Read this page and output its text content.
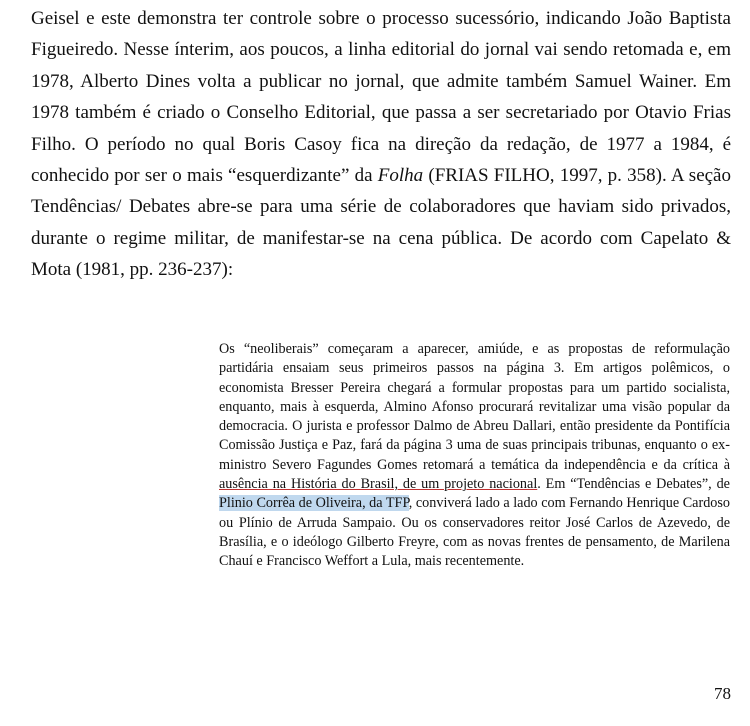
Geisel e este demonstra ter controle sobre o processo sucessório, indicando João Baptista Figueiredo. Nesse ínterim, aos poucos, a linha editorial do jornal vai sendo retomada e, em 1978, Alberto Dines volta a publicar no jornal, que admite também Samuel Wainer. Em 1978 também é criado o Conselho Editorial, que passa a ser secretariado por Otavio Frias Filho. O período no qual Boris Casoy fica na direção da redação, de 1977 a 1984, é conhecido por ser o mais “esquerdizante” da Folha (FRIAS FILHO, 1997, p. 358). A seção Tendências/ Debates abre-se para uma série de colaboradores que haviam sido privados, durante o regime militar, de manifestar-se na cena pública. De acordo com Capelato & Mota (1981, pp. 236-237):

Os “neoliberais” começaram a aparecer, amiúde, e as propostas de reformulação partidária ensaiam seus primeiros passos na página 3. Em artigos polêmicos, o economista Bresser Pereira chegará a formular propostas para um partido socialista, enquanto, mais à esquerda, Almino Afonso procurará revitalizar uma visão popular da democracia. O jurista e professor Dalmo de Abreu Dallari, então presidente da Pontifícia Comissão Justiça e Paz, fará da página 3 uma de suas principais tribunas, enquanto o ex-ministro Severo Fagundes Gomes retomará a temática da independência e da crítica à ausência na História do Brasil, de um projeto nacional. Em “Tendências e Debates”, de Plinio Corrêa de Oliveira, da TFP, conviverá lado a lado com Fernando Henrique Cardoso ou Plínio de Arruda Sampaio. Ou os conservadores reitor José Carlos de Azevedo, de Brasília, e o ideólogo Gilberto Freyre, com as novas frentes de pensamento, de Marilena Chauí e Francisco Weffort a Lula, mais recentemente.

78
